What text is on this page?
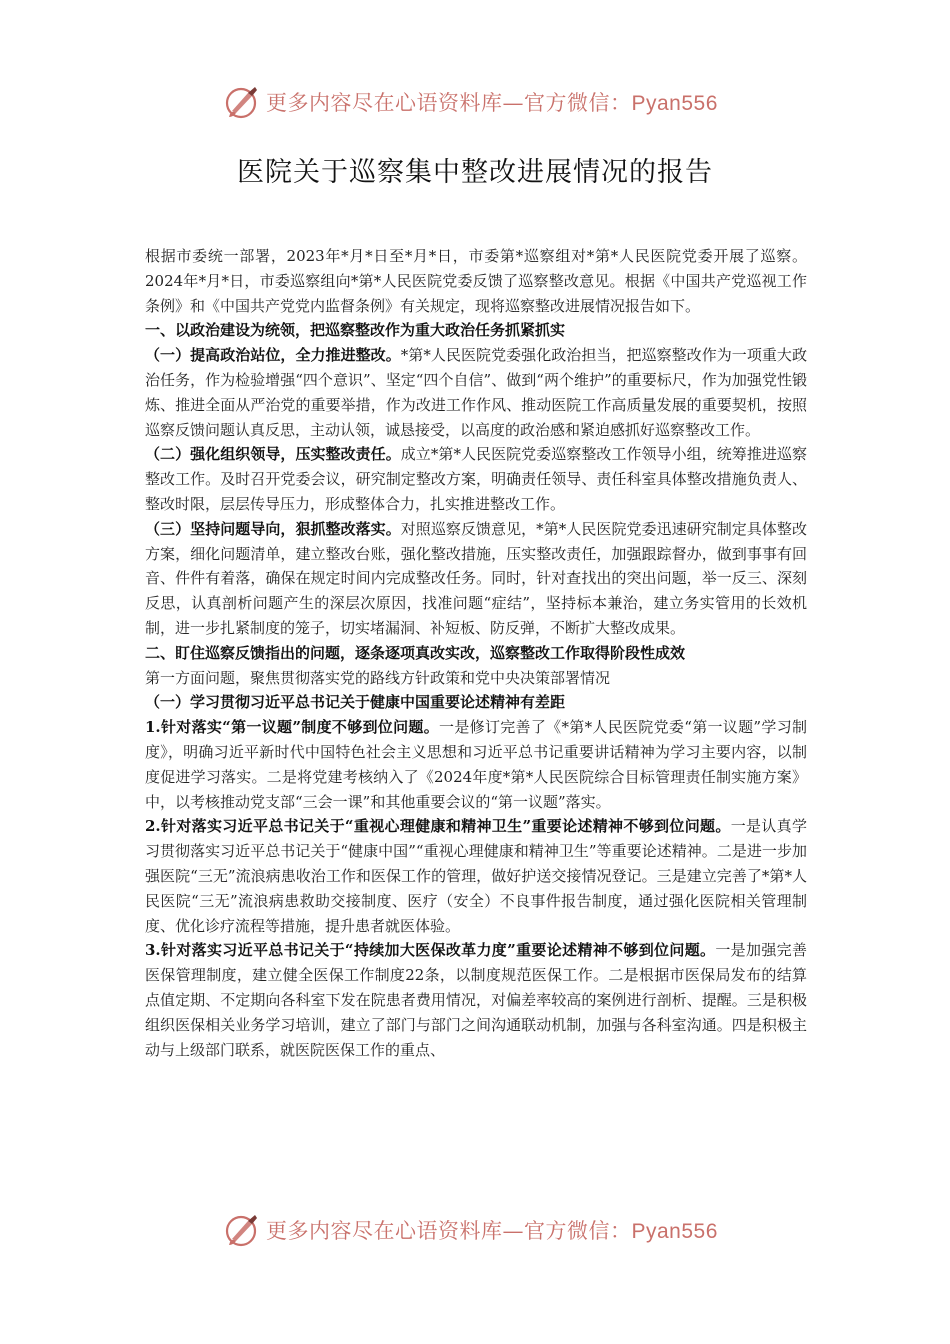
更多内容尽在心语资料库—官方微信：Pyan556
医院关于巡察集中整改进展情况的报告

根据市委统一部署，2023年*月*日至*月*日，市委第*巡察组对*第*人民医院党委开展了巡察。2024年*月*日，市委巡察组向*第*人民医院党委反馈了巡察整改意见。根据《中国共产党巡视工作条例》和《中国共产党党内监督条例》有关规定，现将巡察整改进展情况报告如下。

一、以政治建设为统领，把巡察整改作为重大政治任务抓紧抓实

（一）提高政治站位，全力推进整改。*第*人民医院党委强化政治担当，把巡察整改作为一项重大政治任务，作为检验增强“四个意识”、坚定“四个自信”、做到“两个维护”的重要标尺，作为加强党性锻炼、推进全面从严治党的重要举措，作为改进工作作风、推动医院工作高质量发展的重要契机，按照巡察反馈问题认真反思，主动认领，诚恳接受，以高度的政治感和紧迫感抓好巡察整改工作。

（二）强化组织领导，压实整改责任。成立*第*人民医院党委巡察整改工作领导小组，统筹推进巡察整改工作。及时召开党委会议，研究制定整改方案，明确责任领导、责任科室具体整改措施负责人、整改时限，层层传导压力，形成整体合力，扎实推进整改工作。

（三）坚持问题导向，狠抓整改落实。对照巡察反馈意见，*第*人民医院党委迅速研究制定具体整改方案，细化问题清单，建立整改台账，强化整改措施，压实整改责任，加强跟踪督办，做到事事有回音、件件有着落，确保在规定时间内完成整改任务。同时，针对查找出的突出问题，举一反三、深刻反思，认真剖析问题产生的深层次原因，找准问题“症结”，坚持标本兼治，建立务实管用的长效机制，进一步扎紧制度的笼子，切实堵漏洞、补短板、防反弹，不断扩大整改成果。

二、盯住巡察反馈指出的问题，逐条逐项真改实改，巡察整改工作取得阶段性成效

第一方面问题，聚焦贯彻落实党的路线方针政策和党中央决策部署情况

（一）学习贯彻习近平总书记关于健康中国重要论述精神有差距

1.针对落实“第一议题”制度不够到位问题。一是修订完善了《*第*人民医院党委“第一议题”学习制度》，明确习近平新时代中国特色社会主义思想和习近平总书记重要讲话精神为学习主要内容，以制度促进学习落实。二是将党建考核纳入了《2024年度*第*人民医院综合目标管理责任制实施方案》中，以考核推动党支部“三会一课”和其他重要会议的“第一议题”落实。

2.针对落实习近平总书记关于“重视心理健康和精神卫生”重要论述精神不够到位问题。一是认真学习贯彻落实习近平总书记关于“健康中国”“重视心理健康和精神卫生”等重要论述精神。二是进一步加强医院“三无”流浪病患收治工作和医保工作的管理，做好护送交接情况登记。三是建立完善了*第*人民医院“三无”流浪病患救助交接制度、医疗（安全）不良事件报告制度，通过强化医院相关管理制度、优化诊疗流程等措施，提升患者就医体验。

3.针对落实习近平总书记关于“持续加大医保改革力度”重要论述精神不够到位问题。一是加强完善医保管理制度，建立健全医保工作制度22条，以制度规范医保工作。二是根据市医保局发布的结算点值定期、不定期向各科室下发在院患者费用情况，对偏差率较高的案例进行剖析、提醒。三是积极组织医保相关业务学习培训，建立了部门与部门之间沟通联动机制，加强与各科室沟通。四是积极主动与上级部门联系，就医院医保工作的重点、

更多内容尽在心语资料库—官方微信：Pyan556
